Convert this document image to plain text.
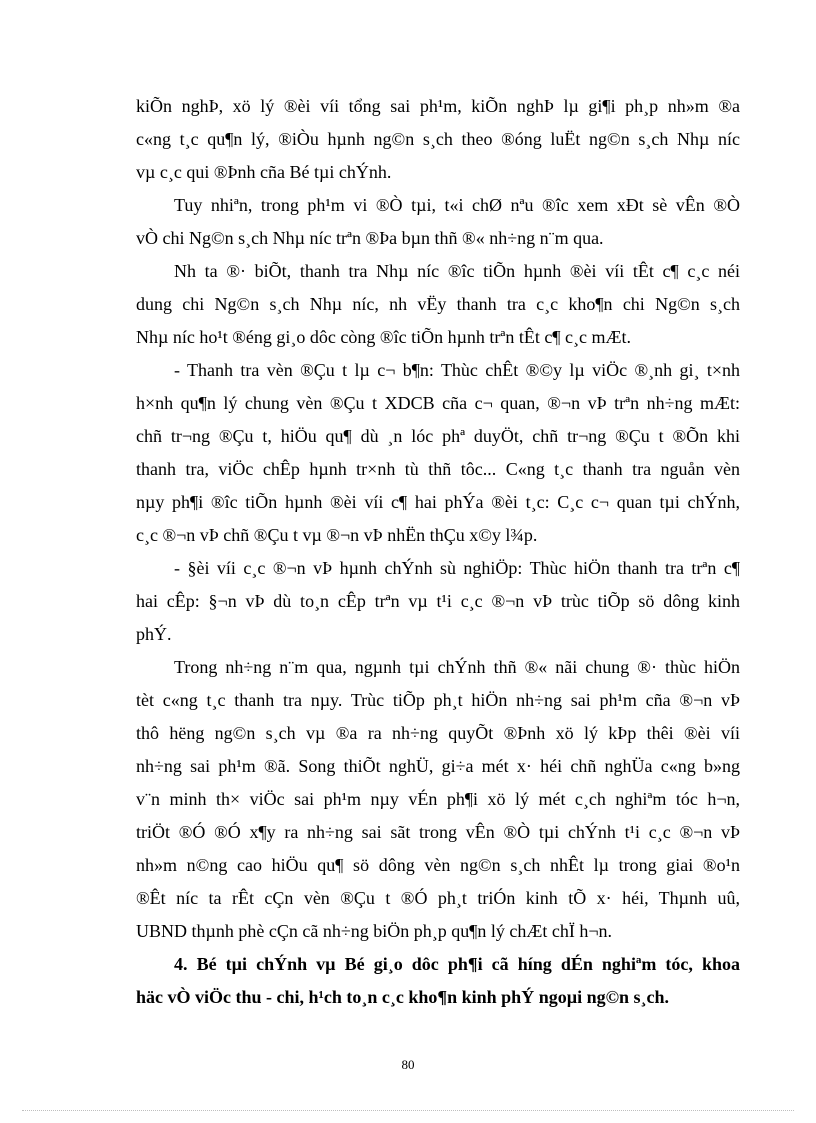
kiÕn nghÞ, xö lý ®èi víi tổng sai ph¹m, kiÕn nghÞ lµ gi¶i ph¸p nh»m ®a
c«ng t¸c qu¶n lý, ®iÒu hµnh ng©n s¸ch theo ®óng luËt ng©n s¸ch Nhµ níc
vµ c¸c qui ®Þnh cña Bé tµi chÝnh.
Tuy nhiªn, trong ph¹m vi ®Ò tµi, t«i chØ nªu ®îc xem xÐt sè vÊn ®Ò
vÒ chi Ng©n s¸ch Nhµ níc trªn ®Þa bµn thñ ®« nh÷ng n¨m qua.
Nh ta ®· biÕt, thanh tra Nhµ níc ®îc tiÕn hµnh ®èi víi tÊt c¶ c¸c néi
dung chi Ng©n s¸ch Nhµ níc, nh vËy thanh tra c¸c kho¶n chi Ng©n s¸ch
Nhµ níc ho¹t ®éng gi¸o dôc còng ®îc tiÕn hµnh trªn tÊt c¶ c¸c mÆt.
- Thanh tra vèn ®Çu t lµ c¬ b¶n: Thùc chÊt ®©y lµ viÖc ®¸nh gi¸ t×nh
h×nh qu¶n lý chung vèn ®Çu t XDCB cña c¬ quan, ®¬n vÞ trªn nh÷ng mÆt:
chñ tr¬ng ®Çu t, hiÖu qu¶ dù ¸n lóc phª duyÖt, chñ tr¬ng ®Çu t ®Õn khi
thanh tra, viÖc chÊp hµnh tr×nh tù thñ tôc... C«ng t¸c thanh tra nguån vèn
nµy ph¶i ®îc tiÕn hµnh ®èi víi c¶ hai phÝa ®èi t¸c: C¸c c¬ quan tµi chÝnh,
c¸c ®¬n vÞ chñ ®Çu t vµ ®¬n vÞ nhËn thÇu x©y l¾p.
- §èi víi c¸c ®¬n vÞ hµnh chÝnh sù nghiÖp: Thùc hiÖn thanh tra trªn c¶
hai cÊp: §¬n vÞ dù to¸n cÊp trªn vµ t¹i c¸c ®¬n vÞ trùc tiÕp sö dông kinh
phÝ.
Trong nh÷ng n¨m qua, ngµnh tµi chÝnh thñ ®« nãi chung ®· thùc hiÖn
tèt c«ng t¸c thanh tra nµy. Trùc tiÕp ph¸t hiÖn nh÷ng sai ph¹m cña ®¬n vÞ
thô hëng ng©n s¸ch vµ ®a ra nh÷ng quyÕt ®Þnh xö lý kÞp thêi ®èi víi
nh÷ng sai ph¹m ®ã. Song thiÕt nghÜ, gi÷a mét x· héi chñ nghÜa c«ng b»ng
v¨n minh th× viÖc sai ph¹m nµy vÉn ph¶i xö lý mét c¸ch nghiªm tóc h¬n,
triÖt ®Ó ®Ó x¶y ra nh÷ng sai sãt trong vÊn ®Ò tµi chÝnh t¹i c¸c ®¬n vÞ
nh»m n©ng cao hiÖu qu¶ sö dông vèn ng©n s¸ch nhÊt lµ trong giai ®o¹n
®Êt níc ta rÊt cÇn vèn ®Çu t ®Ó ph¸t triÓn kinh tÕ x· héi, Thµnh uû,
UBND thµnh phè cÇn cã nh÷ng biÖn ph¸p qu¶n lý chÆt chÏ h¬n.
4. Bé tµi chÝnh vµ Bé gi¸o dôc ph¶i cã híng dÉn nghiªm tóc, khoa
häc vÒ viÖc thu - chi, h¹ch to¸n c¸c kho¶n kinh phÝ ngoµi ng©n s¸ch.
80
